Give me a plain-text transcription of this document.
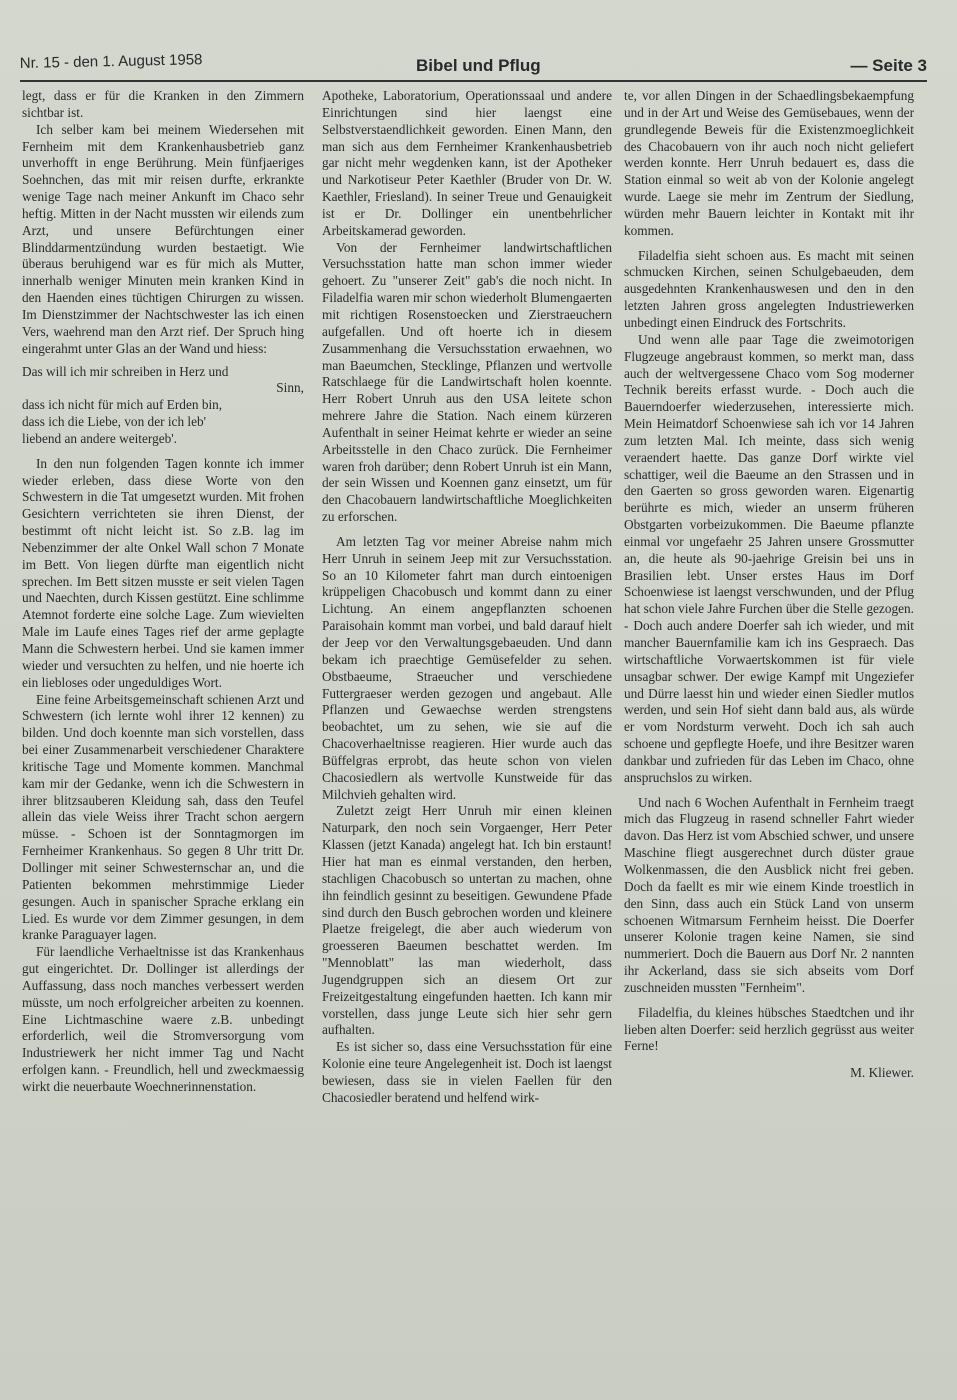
Nr. 15 - den 1. August 1958	Bibel und Pflug	— Seite 3

legt, dass er für die Kranken in den Zimmern sichtbar ist.

Ich selber kam bei meinem Wiedersehen mit Fernheim mit dem Krankenhausbetrieb ganz unverhofft in enge Berührung. Mein fünfjaeriges Soehnchen, das mit mir reisen durfte, erkrankte wenige Tage nach meiner Ankunft im Chaco sehr heftig. Mitten in der Nacht mussten wir eilends zum Arzt, und unsere Befürchtungen einer Blinddarmentzündung wurden bestaetigt. Wie überaus beruhigend war es für mich als Mutter, innerhalb weniger Minuten mein kranken Kind in den Haenden eines tüchtigen Chirurgen zu wissen. Im Dienstzimmer der Nachtschwester las ich einen Vers, waehrend man den Arzt rief. Der Spruch hing eingerahmt unter Glas an der Wand und hiess:

Das will ich mir schreiben in Herz und
Sinn,
dass ich nicht für mich auf Erden bin,
dass ich die Liebe, von der ich leb'
liebend an andere weitergeb'.

In den nun folgenden Tagen konnte ich immer wieder erleben, dass diese Worte von den Schwestern in die Tat umgesetzt wurden. Mit frohen Gesichtern verrichteten sie ihren Dienst, der bestimmt oft nicht leicht ist. So z.B. lag im Nebenzimmer der alte Onkel Wall schon 7 Monate im Bett. Von liegen dürfte man eigentlich nicht sprechen. Im Bett sitzen musste er seit vielen Tagen und Naechten, durch Kissen gestützt. Eine schlimme Atemnot forderte eine solche Lage. Zum wievielten Male im Laufe eines Tages rief der arme geplagte Mann die Schwestern herbei. Und sie kamen immer wieder und versuchten zu helfen, und nie hoerte ich ein liebloses oder ungeduldiges Wort.

Eine feine Arbeitsgemeinschaft schienen Arzt und Schwestern (ich lernte wohl ihrer 12 kennen) zu bilden. Und doch koennte man sich vorstellen, dass bei einer Zusammenarbeit verschiedener Charaktere kritische Tage und Momente kommen. Manchmal kam mir der Gedanke, wenn ich die Schwestern in ihrer blitzsauberen Kleidung sah, dass den Teufel allein das viele Weiss ihrer Tracht schon aergern müsse. - Schoen ist der Sonntagmorgen im Fernheimer Krankenhaus. So gegen 8 Uhr tritt Dr. Dollinger mit seiner Schwesternschar an, und die Patienten bekommen mehrstimmige Lieder gesungen. Auch in spanischer Sprache erklang ein Lied. Es wurde vor dem Zimmer gesungen, in dem kranke Paraguayer lagen.

Für laendliche Verhaeltnisse ist das Krankenhaus gut eingerichtet. Dr. Dollinger ist allerdings der Auffassung, dass noch manches verbessert werden müsste, um noch erfolgreicher arbeiten zu koennen. Eine Lichtmaschine waere z.B. unbedingt erforderlich, weil die Stromversorgung vom Industriewerk her nicht immer Tag und Nacht erfolgen kann. - Freundlich, hell und zweckmaessig wirkt die neuerbaute Woechnerinnenstation.

Apotheke, Laboratorium, Operationssaal und andere Einrichtungen sind hier laengst eine Selbstverstaendlichkeit geworden. Einen Mann, den man sich aus dem Fernheimer Krankenhausbetrieb gar nicht mehr wegdenken kann, ist der Apotheker und Narkotiseur Peter Kaethler (Bruder von Dr. W. Kaethler, Friesland). In seiner Treue und Genauigkeit ist er Dr. Dollinger ein unentbehrlicher Arbeitskamerad geworden.

Von der Fernheimer landwirtschaftlichen Versuchsstation hatte man schon immer wieder gehoert. Zu "unserer Zeit" gab's die noch nicht. In Filadelfia waren mir schon wiederholt Blumengaerten mit richtigen Rosenstoecken und Zierstraeuchern aufgefallen. Und oft hoerte ich in diesem Zusammenhang die Versuchsstation erwaehnen, wo man Baeumchen, Stecklinge, Pflanzen und wertvolle Ratschlaege für die Landwirtschaft holen koennte. Herr Robert Unruh aus den USA leitete schon mehrere Jahre die Station. Nach einem kürzeren Aufenthalt in seiner Heimat kehrte er wieder an seine Arbeitsstelle in den Chaco zurück. Die Fernheimer waren froh darüber; denn Robert Unruh ist ein Mann, der sein Wissen und Koennen ganz einsetzt, um für den Chacobauern landwirtschaftliche Moeglichkeiten zu erforschen.

Am letzten Tag vor meiner Abreise nahm mich Herr Unruh in seinem Jeep mit zur Versuchsstation. So an 10 Kilometer fahrt man durch eintoenigen krüppeligen Chacobusch und kommt dann zu einer Lichtung. An einem angepflanzten schoenen Paraisohain kommt man vorbei, und bald darauf hielt der Jeep vor den Verwaltungsgebaeuden. Und dann bekam ich praechtige Gemüsefelder zu sehen. Obstbaeume, Straeucher und verschiedene Futtergraeser werden gezogen und angebaut. Alle Pflanzen und Gewaechse werden strengstens beobachtet, um zu sehen, wie sie auf die Chacoverhaeltnisse reagieren. Hier wurde auch das Büffelgras erprobt, das heute schon von vielen Chacosiedlern als wertvolle Kunstweide für das Milchvieh gehalten wird.

Zuletzt zeigt Herr Unruh mir einen kleinen Naturpark, den noch sein Vorgaenger, Herr Peter Klassen (jetzt Kanada) angelegt hat. Ich bin erstaunt! Hier hat man es einmal verstanden, den herben, stachligen Chacobusch so untertan zu machen, ohne ihn feindlich gesinnt zu beseitigen. Gewundene Pfade sind durch den Busch gebrochen worden und kleinere Plaetze freigelegt, die aber auch wiederum von groesseren Baeumen beschattet werden. Im "Mennoblatt" las man wiederholt, dass Jugendgruppen sich an diesem Ort zur Freizeitgestaltung eingefunden haetten. Ich kann mir vorstellen, dass junge Leute sich hier sehr gern aufhalten.

Es ist sicher so, dass eine Versuchsstation für eine Kolonie eine teure Angelegenheit ist. Doch ist laengst bewiesen, dass sie in vielen Faellen für den Chacosiedler beratend und helfend wirk-

te, vor allen Dingen in der Schaedlingsbekaempfung und in der Art und Weise des Gemüsebaues, wenn der grundlegende Beweis für die Existenzmoeglichkeit des Chacobauern von ihr auch noch nicht geliefert werden konnte. Herr Unruh bedauert es, dass die Station einmal so weit ab von der Kolonie angelegt wurde. Laege sie mehr im Zentrum der Siedlung, würden mehr Bauern leichter in Kontakt mit ihr kommen.

Filadelfia sieht schoen aus. Es macht mit seinen schmucken Kirchen, seinen Schulgebaeuden, dem ausgedehnten Krankenhauswesen und den in den letzten Jahren gross angelegten Industriewerken unbedingt einen Eindruck des Fortschrits.

Und wenn alle paar Tage die zweimotorigen Flugzeuge angebraust kommen, so merkt man, dass auch der weltvergessene Chaco vom Sog moderner Technik bereits erfasst wurde. - Doch auch die Bauerndoerfer wiederzusehen, interessierte mich. Mein Heimatdorf Schoenwiese sah ich vor 14 Jahren zum letzten Mal. Ich meinte, dass sich wenig veraendert haette. Das ganze Dorf wirkte viel schattiger, weil die Baeume an den Strassen und in den Gaerten so gross geworden waren. Eigenartig berührte es mich, wieder an unserm früheren Obstgarten vorbeizukommen. Die Baeume pflanzte einmal vor ungefaehr 25 Jahren unsere Grossmutter an, die heute als 90-jaehrige Greisin bei uns in Brasilien lebt. Unser erstes Haus im Dorf Schoenwiese ist laengst verschwunden, und der Pflug hat schon viele Jahre Furchen über die Stelle gezogen. - Doch auch andere Doerfer sah ich wieder, und mit mancher Bauernfamilie kam ich ins Gespraech. Das wirtschaftliche Vorwaertskommen ist für viele unsagbar schwer. Der ewige Kampf mit Ungeziefer und Dürre laesst hin und wieder einen Siedler mutlos werden, und sein Hof sieht dann bald aus, als würde er vom Nordsturm verweht. Doch ich sah auch schoene und gepflegte Hoefe, und ihre Besitzer waren dankbar und zufrieden für das Leben im Chaco, ohne anspruchslos zu wirken.

Und nach 6 Wochen Aufenthalt in Fernheim traegt mich das Flugzeug in rasend schneller Fahrt wieder davon. Das Herz ist vom Abschied schwer, und unsere Maschine fliegt ausgerechnet durch düster graue Wolkenmassen, die den Ausblick nicht frei geben. Doch da faellt es mir wie einem Kinde troestlich in den Sinn, dass auch ein Stück Land von unserm schoenen Witmarsum Fernheim heisst. Die Doerfer unserer Kolonie tragen keine Namen, sie sind nummeriert. Doch die Bauern aus Dorf Nr. 2 nannten ihr Ackerland, dass sie sich abseits vom Dorf zuschneiden mussten "Fernheim".

Filadelfia, du kleines hübsches Staedtchen und ihr lieben alten Doerfer: seid herzlich gegrüsst aus weiter Ferne!

M. Kliewer.
